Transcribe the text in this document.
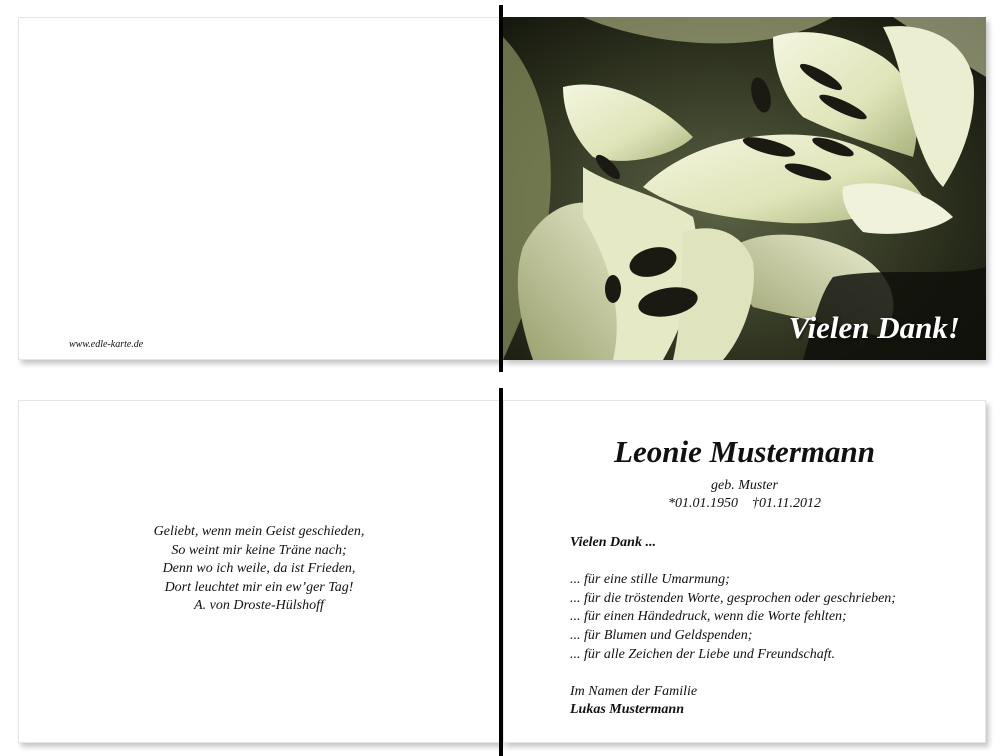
www.edle-karte.de	Vielen Dank!
Geliebt, wenn mein Geist geschieden,
So weint mir keine Träne nach;
Denn wo ich weile, da ist Frieden,
Dort leuchtet mir ein ew’ger Tag!
A. von Droste-Hülshoff
Leonie Mustermann
geb. Muster
*01.01.1950 †01.11.2012
Vielen Dank ...
... für eine stille Umarmung;
... für die tröstenden Worte, gesprochen oder geschrieben;
... für einen Händedruck, wenn die Worte fehlten;
... für Blumen und Geldspenden;
... für alle Zeichen der Liebe und Freundschaft.
Im Namen der Familie
Lukas Mustermann
